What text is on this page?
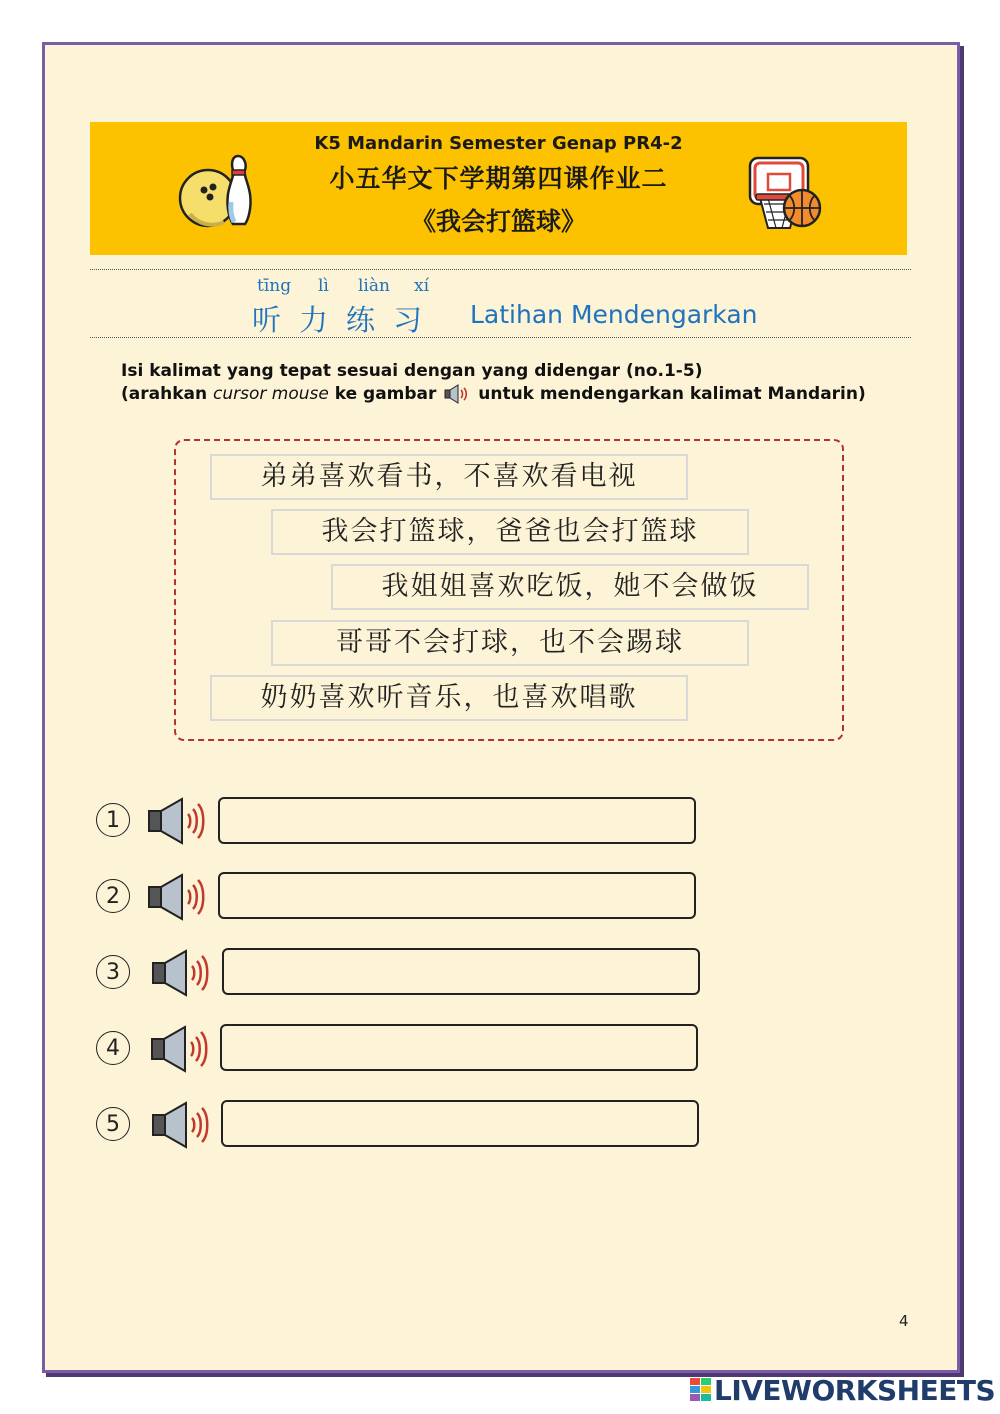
K5 Mandarin Semester Genap PR4-2
小五华文下学期第四课作业二
《我会打篮球》
tīng lì liàn xí
听力练习 Latihan Mendengarkan
Isi kalimat yang tepat sesuai dengan yang didengar (no.1-5)
(arahkan cursor mouse ke gambar  untuk mendengarkan kalimat Mandarin)
弟弟喜欢看书，不喜欢看电视
我会打篮球，爸爸也会打篮球
我姐姐喜欢吃饭，她不会做饭
哥哥不会打球，也不会踢球
奶奶喜欢听音乐，也喜欢唱歌
1
2
3
4
5
4
LIVEWORKSHEETS
